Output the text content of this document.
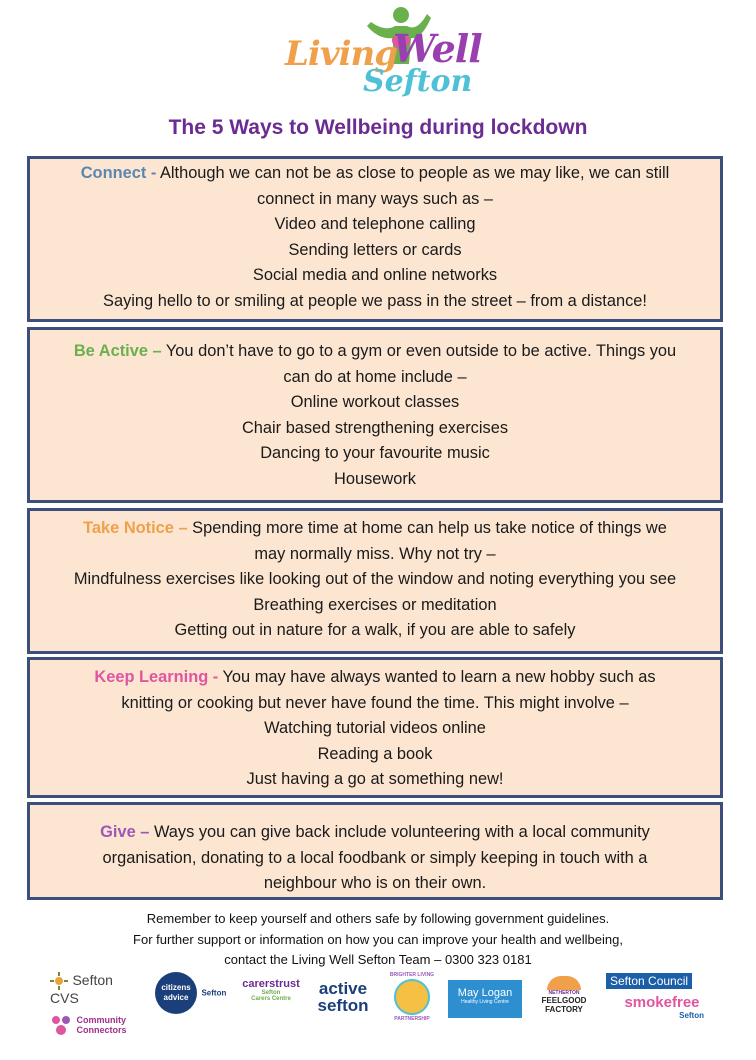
Living
Well
Sefton
The 5 Ways to Wellbeing during lockdown

Connect - Although we can not be as close to people as we may like, we can still

connect in many ways such as –

Video and telephone calling

Sending letters or cards

Social media and online networks

Saying hello to or smiling at people we pass in the street – from a distance!

Be Active – You don’t have to go to a gym or even outside to be active. Things you

can do at home include –

Online workout classes

Chair based strengthening exercises

Dancing to your favourite music

Housework

Take Notice – Spending more time at home can help us take notice of things we

may normally miss. Why not try –

Mindfulness exercises like looking out of the window and noting everything you see

Breathing exercises or meditation

Getting out in nature for a walk, if you are able to safely

Keep Learning - You may have always wanted to learn a new hobby such as

knitting or cooking but never have found the time. This might involve –

Watching tutorial videos online

Reading a book

Just having a go at something new!

Give – Ways you can give back include volunteering with a local community

organisation, donating to a local foodbank or simply keeping in touch with a

neighbour who is on their own.

Remember to keep yourself and others safe by following government guidelines.

For further support or information on how you can improve your health and wellbeing,

contact the Living Well Sefton Team – 0300 323 0181

Sefton CVS
Community
Connectors
citizens
advice Sefton
carerstrust
Sefton
Carers Centre
active
sefton
BRIGHTER LIVING
PARTNERSHIP
May Logan
Healthy Living Centre
NETHERTON
FEELGOOD
FACTORY
Sefton Council
smokefree
Sefton
